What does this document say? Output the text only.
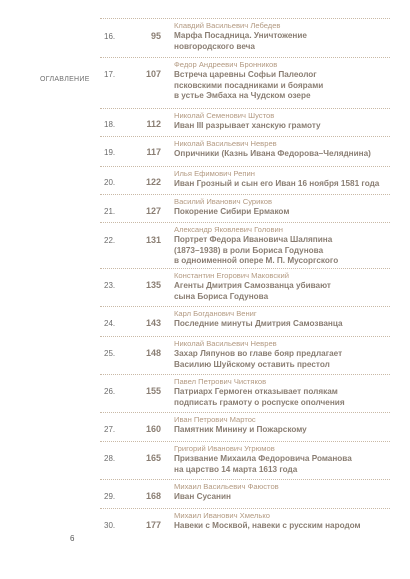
ОГЛАВЛЕНИЕ
16.	95
Клавдий Васильевич Лебедев
Марфа Посадница. Уничтожение
новгородского веча
17.	107
Федор Андреевич Бронников
Встреча царевны Софьи Палеолог
псковскими посадниками и боярами
в устье Эмбаха на Чудском озере
18.	112
Николай Семенович Шустов
Иван III разрывает ханскую грамоту
19.	117
Николай Васильевич Неврев
Опричники (Казнь Ивана Федорова–Челяднина)
20.	122
Илья Ефимович Репин
Иван Грозный и сын его Иван 16 ноября 1581 года
21.	127
Василий Иванович Суриков
Покорение Сибири Ермаком
22.	131
Александр Яковлевич Головин
Портрет Федора Ивановича Шаляпина
(1873–1938) в роли Бориса Годунова
в одноименной опере М. П. Мусоргского
23.	135
Константин Егорович Маковский
Агенты Дмитрия Самозванца убивают
сына Бориса Годунова
24.	143
Карл Богданович Вениг
Последние минуты Дмитрия Самозванца
25.	148
Николай Васильевич Неврев
Захар Ляпунов во главе бояр предлагает
Василию Шуйскому оставить престол
26.	155
Павел Петрович Чистяков
Патриарх Гермоген отказывает полякам
подписать грамоту о роспуске ополчения
27.	160
Иван Петрович Мартос
Памятник Минину и Пожарскому
28.	165
Григорий Иванович Угрюмов
Призвание Михаила Федоровича Романова
на царство 14 марта 1613 года
29.	168
Михаил Васильевич Фаюстов
Иван Сусанин
30.	177
Михаил Иванович Хмелько
Навеки с Москвой, навеки с русским народом
6
